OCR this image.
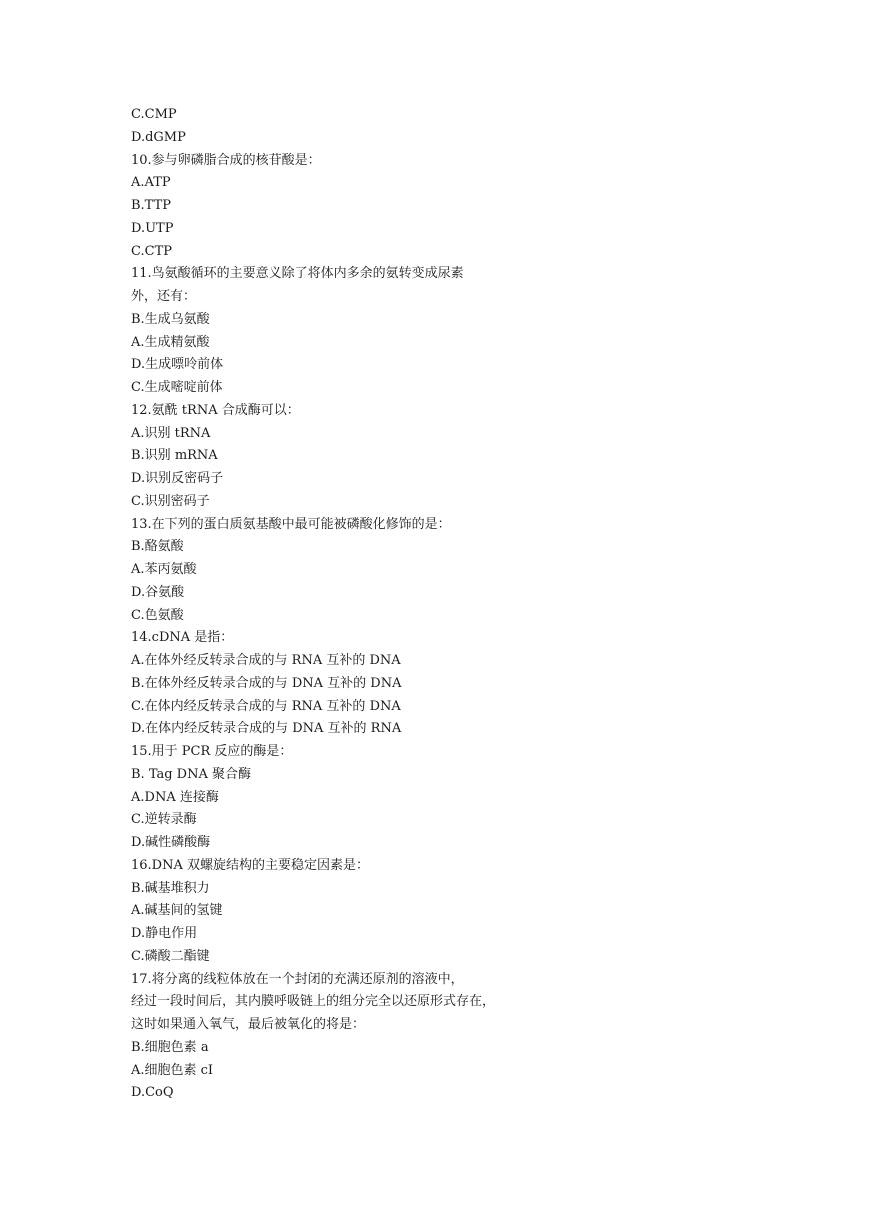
C.CMP
D.dGMP
10.参与卵磷脂合成的核苷酸是：
A.ATP
B.TTP
D.UTP
C.CTP
11.鸟氨酸循环的主要意义除了将体内多余的氨转变成尿素
外，还有：
B.生成乌氨酸
A.生成精氨酸
D.生成嘌呤前体
C.生成嘧啶前体
12.氨酰 tRNA 合成酶可以：
A.识别 tRNA
B.识别 mRNA
D.识别反密码子
C.识别密码子
13.在下列的蛋白质氨基酸中最可能被磷酸化修饰的是：
B.酪氨酸
A.苯丙氨酸
D.谷氨酸
C.色氨酸
14.cDNA 是指：
A.在体外经反转录合成的与 RNA 互补的 DNA
B.在体外经反转录合成的与 DNA 互补的 DNA
C.在体内经反转录合成的与 RNA 互补的 DNA
D.在体内经反转录合成的与 DNA 互补的 RNA
15.用于 PCR 反应的酶是：
B. Tag DNA 聚合酶
A.DNA 连接酶
C.逆转录酶
D.碱性磷酸酶
16.DNA 双螺旋结构的主要稳定因素是：
B.碱基堆积力
A.碱基间的氢键
D.静电作用
C.磷酸二酯键
17.将分离的线粒体放在一个封闭的充满还原剂的溶液中，
经过一段时间后，其内膜呼吸链上的组分完全以还原形式存在，
这时如果通入氧气，最后被氧化的将是：
B.细胞色素 a
A.细胞色素 cI
D.CoQ
